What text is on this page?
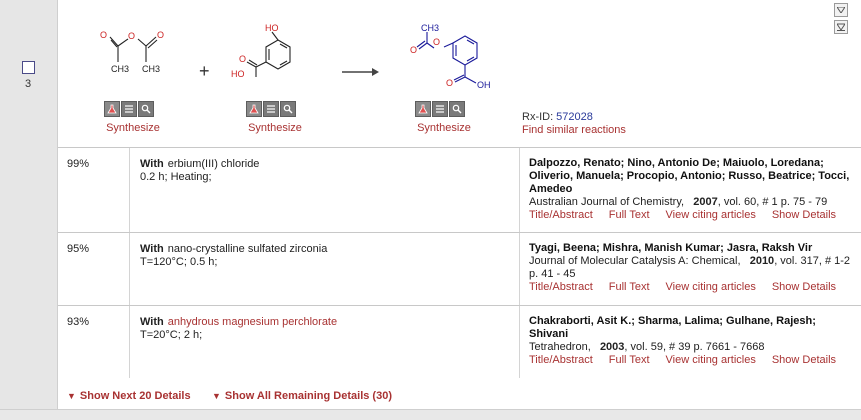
3
O O O
CH3 CH3 +
HO
HO
O
O
O
CH3
O	OH
Synthesize	Synthesize	Synthesize
Rx-ID: 572028
Find similar reactions
99%	With erbium(III) chloride
0.2 h; Heating;
Dalpozzo, Renato; Nino, Antonio De; Maiuolo, Loredana; Oliverio, Manuela; Procopio, Antonio; Russo, Beatrice; Tocci, Amedeo
Australian Journal of Chemistry, 2007, vol. 60, # 1 p. 75 - 79
Title/Abstract Full Text View citing articles Show Details
95%	With nano-crystalline sulfated zirconia
T=120°C; 0.5 h;
Tyagi, Beena; Mishra, Manish Kumar; Jasra, Raksh Vir
Journal of Molecular Catalysis A: Chemical, 2010, vol. 317, # 1-2 p. 41 - 45
Title/Abstract Full Text View citing articles Show Details
93%	With anhydrous magnesium perchlorate
T=20°C; 2 h;
Chakraborti, Asit K.; Sharma, Lalima; Gulhane, Rajesh; Shivani
Tetrahedron, 2003, vol. 59, # 39 p. 7661 - 7668
Title/Abstract Full Text View citing articles Show Details
▼ Show Next 20 Details ▼ Show All Remaining Details (30)
